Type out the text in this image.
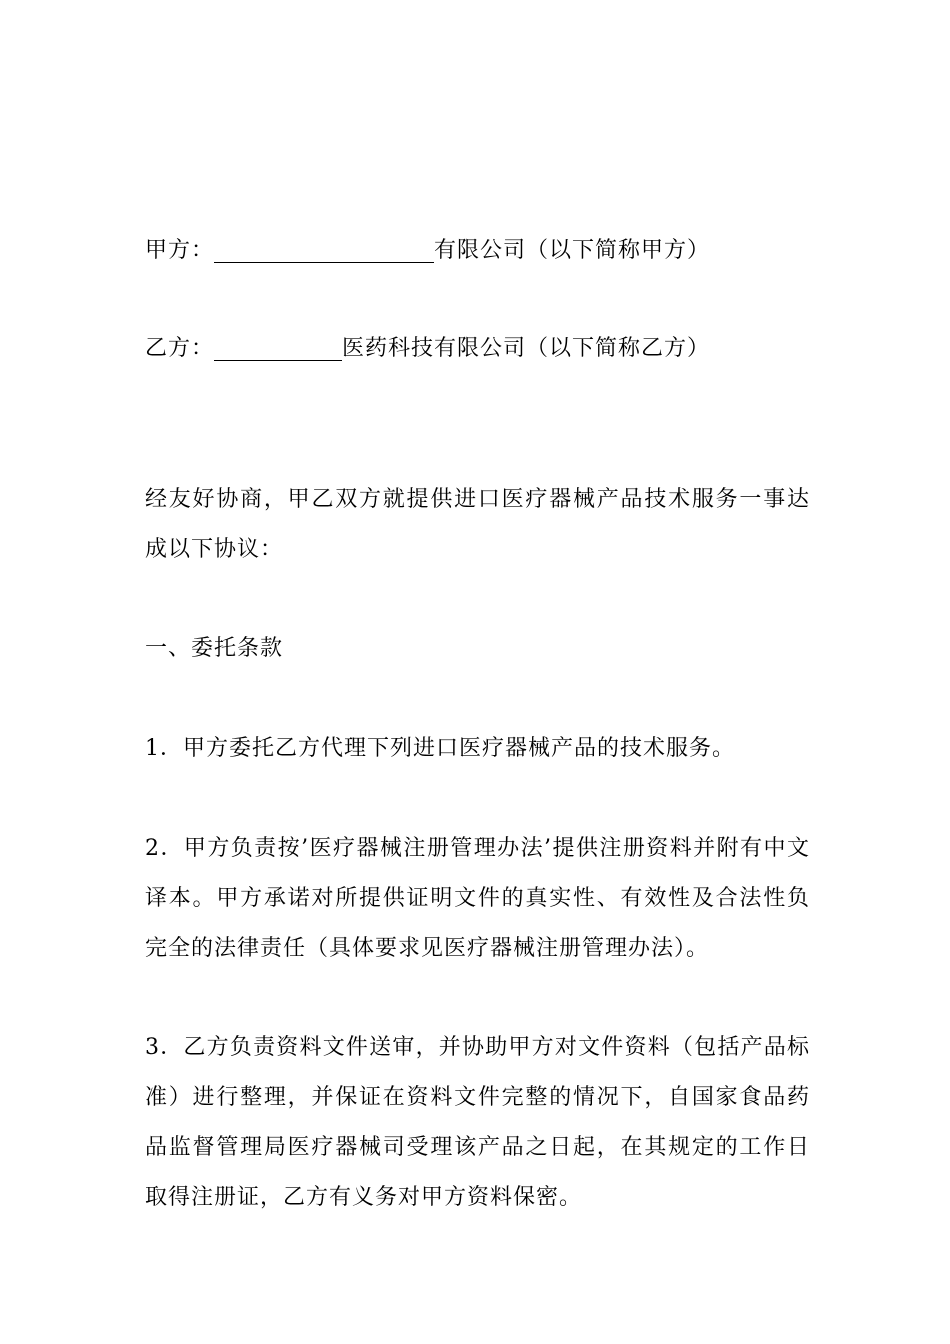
甲方：	有限公司（以下简称甲方）
乙方：	医药科技有限公司（以下简称乙方）
经友好协商，甲乙双方就提供进口医疗器械产品技术服务一事达成以下协议：
一、委托条款
1．甲方委托乙方代理下列进口医疗器械产品的技术服务。
2．甲方负责按’医疗器械注册管理办法’提供注册资料并附有中文译本。甲方承诺对所提供证明文件的真实性、有效性及合法性负完全的法律责任（具体要求见医疗器械注册管理办法）。
3．乙方负责资料文件送审，并协助甲方对文件资料（包括产品标准）进行整理，并保证在资料文件完整的情况下，自国家食品药品监督管理局医疗器械司受理该产品之日起，在其规定的工作日取得注册证，乙方有义务对甲方资料保密。
